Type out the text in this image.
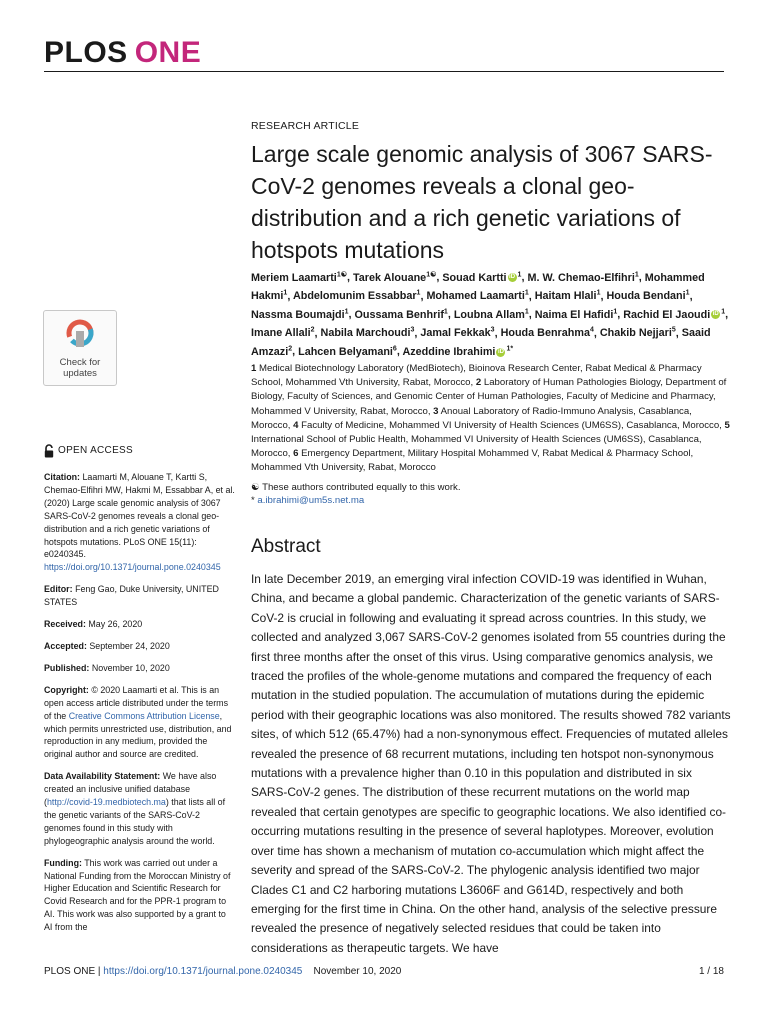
PLOS ONE
Check for
updates
RESEARCH ARTICLE
Large scale genomic analysis of 3067 SARS-CoV-2 genomes reveals a clonal geo-distribution and a rich genetic variations of hotspots mutations
Meriem Laamarti$^{1☯}$, Tarek Alouane$^{1☯}$, Souad Kartti iD $^1$, M. W. Chemao-Elfihri$^1$, Mohammed Hakmi$^1$, Abdelomunim Essabbar$^1$, Mohamed Laamarti$^1$, Haitam Hlali$^1$, Houda Bendani$^1$, Nassma Boumajdi$^1$, Oussama Benhrif$^1$, Loubna Allam$^1$, Naima El Hafidi$^1$, Rachid El Jaoudi iD $^1$, Imane Allali$^2$, Nabila Marchoudi$^3$, Jamal Fekkak$^3$, Houda Benrahma$^4$, Chakib Nejjari$^5$, Saaid Amzazi$^2$, Lahcen Belyamani$^6$, Azeddine Ibrahimi iD $^{1*}$
1 Medical Biotechnology Laboratory (MedBiotech), Bioinova Research Center, Rabat Medical & Pharmacy School, Mohammed Vth University, Rabat, Morocco, 2 Laboratory of Human Pathologies Biology, Department of Biology, Faculty of Sciences, and Genomic Center of Human Pathologies, Faculty of Medicine and Pharmacy, Mohammed V University, Rabat, Morocco, 3 Anoual Laboratory of Radio-Immuno Analysis, Casablanca, Morocco, 4 Faculty of Medicine, Mohammed VI University of Health Sciences (UM6SS), Casablanca, Morocco, 5 International School of Public Health, Mohammed VI University of Health Sciences (UM6SS), Casablanca, Morocco, 6 Emergency Department, Military Hospital Mohammed V, Rabat Medical & Pharmacy School, Mohammed Vth University, Rabat, Morocco
☯ These authors contributed equally to this work.
* a.ibrahimi@um5s.net.ma
Abstract

In late December 2019, an emerging viral infection COVID-19 was identified in Wuhan, China, and became a global pandemic. Characterization of the genetic variants of SARS-CoV-2 is crucial in following and evaluating it spread across countries. In this study, we collected and analyzed 3,067 SARS-CoV-2 genomes isolated from 55 countries during the first three months after the onset of this virus. Using comparative genomics analysis, we traced the profiles of the whole-genome mutations and compared the frequency of each mutation in the studied population. The accumulation of mutations during the epidemic period with their geographic locations was also monitored. The results showed 782 variants sites, of which 512 (65.47%) had a non-synonymous effect. Frequencies of mutated alleles revealed the presence of 68 recurrent mutations, including ten hotspot non-synonymous mutations with a prevalence higher than 0.10 in this population and distributed in six SARS-CoV-2 genes. The distribution of these recurrent mutations on the world map revealed that certain genotypes are specific to geographic locations. We also identified co-occurring mutations resulting in the presence of several haplotypes. Moreover, evolution over time has shown a mechanism of mutation co-accumulation which might affect the severity and spread of the SARS-CoV-2. The phylogenic analysis identified two major Clades C1 and C2 harboring mutations L3606F and G614D, respectively and both emerging for the first time in China. On the other hand, analysis of the selective pressure revealed the presence of negatively selected residues that could be taken into considerations as therapeutic targets. We have

OPEN ACCESS

Citation: Laamarti M, Alouane T, Kartti S, Chemao-Elfihri MW, Hakmi M, Essabbar A, et al. (2020) Large scale genomic analysis of 3067 SARS-CoV-2 genomes reveals a clonal geo-distribution and a rich genetic variations of hotspots mutations. PLoS ONE 15(11): e0240345. https://doi.org/10.1371/journal.pone.0240345

Editor: Feng Gao, Duke University, UNITED STATES

Received: May 26, 2020

Accepted: September 24, 2020

Published: November 10, 2020

Copyright: © 2020 Laamarti et al. This is an open access article distributed under the terms of the Creative Commons Attribution License, which permits unrestricted use, distribution, and reproduction in any medium, provided the original author and source are credited.

Data Availability Statement: We have also created an inclusive unified database (http://covid-19.medbiotech.ma) that lists all of the genetic variants of the SARS-CoV-2 genomes found in this study with phylogeographic analysis around the world.

Funding: This work was carried out under a National Funding from the Moroccan Ministry of Higher Education and Scientific Research for Covid Research and for the PPR-1 program to AI. This work was also supported by a grant to AI from the

PLOS ONE | https://doi.org/10.1371/journal.pone.0240345 November 10, 2020	1 / 18
